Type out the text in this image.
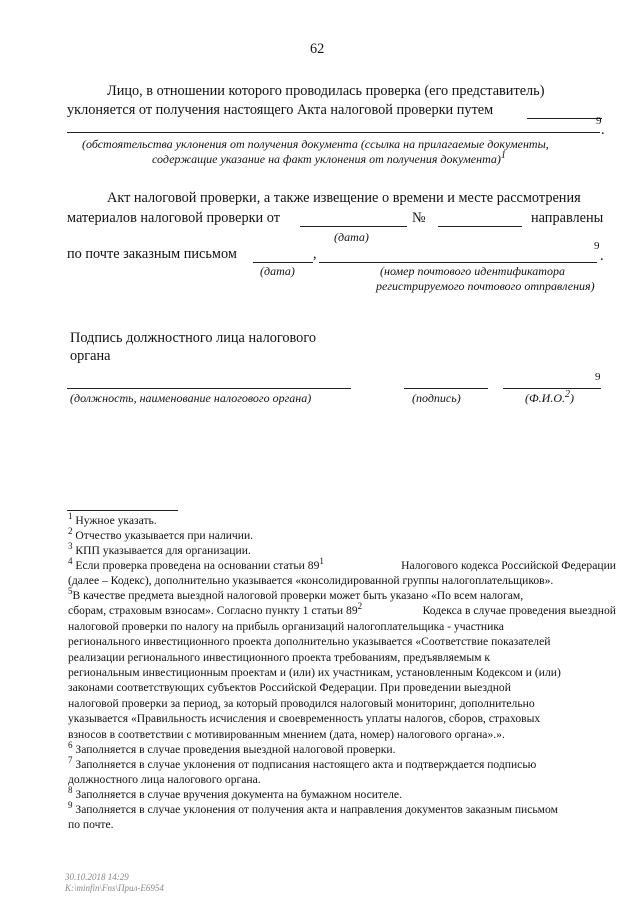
62
Лицо, в отношении которого проводилась проверка (его представитель)
уклоняется от получения настоящего Акта налоговой проверки путем
9
.
(обстоятельства уклонения от получения документа (ссылка на прилагаемые документы,
содержащие указание на факт уклонения от получения документа)$^1$
Акт налоговой проверки, а также извещение о времени и месте рассмотрения
материалов налоговой проверки от	№	направлены
(дата)
по почте заказным письмом	,	9
.
(дата)	(номер почтового идентификатора
регистрируемого почтового отправления)
Подпись должностного лица налогового
органа
9
(должность, наименование налогового органа)	(подпись)	(Ф.И.О.$^2$)
$^1$ Нужное указать.
$^2$ Отчество указывается при наличии.
$^3$ КПП указывается для организации.
$^4$ Если проверка проведена на основании статьи 89$^1$	Налогового кодекса Российской Федерации
(далее – Кодекс), дополнительно указывается «консолидированной группы налогоплательщиков».
$^5$В качестве предмета выездной налоговой проверки может быть указано «По всем налогам,
сборам, страховым взносам». Согласно пункту 1 статьи 89$^2$	Кодекса в случае проведения выездной
налоговой проверки по налогу на прибыль организаций налогоплательщика - участника
регионального инвестиционного проекта дополнительно указывается «Соответствие показателей
реализации регионального инвестиционного проекта требованиям, предъявляемым к
региональным инвестиционным проектам и (или) их участникам, установленным Кодексом и (или)
законами соответствующих субъектов Российской Федерации. При проведении выездной
налоговой проверки за период, за который проводился налоговый мониторинг, дополнительно
указывается «Правильность исчисления и своевременность уплаты налогов, сборов, страховых
взносов в соответствии с мотивированным мнением (дата, номер) налогового органа».».
$^6$ Заполняется в случае проведения выездной налоговой проверки.
$^7$ Заполняется в случае уклонения от подписания настоящего акта и подтверждается подписью
должностного лица налогового органа.
$^8$ Заполняется в случае вручения документа на бумажном носителе.
$^9$ Заполняется в случае уклонения от получения акта и направления документов заказным письмом
по почте.
30.10.2018 14:29
K:\minfin\Fns\Прил-Е6954
